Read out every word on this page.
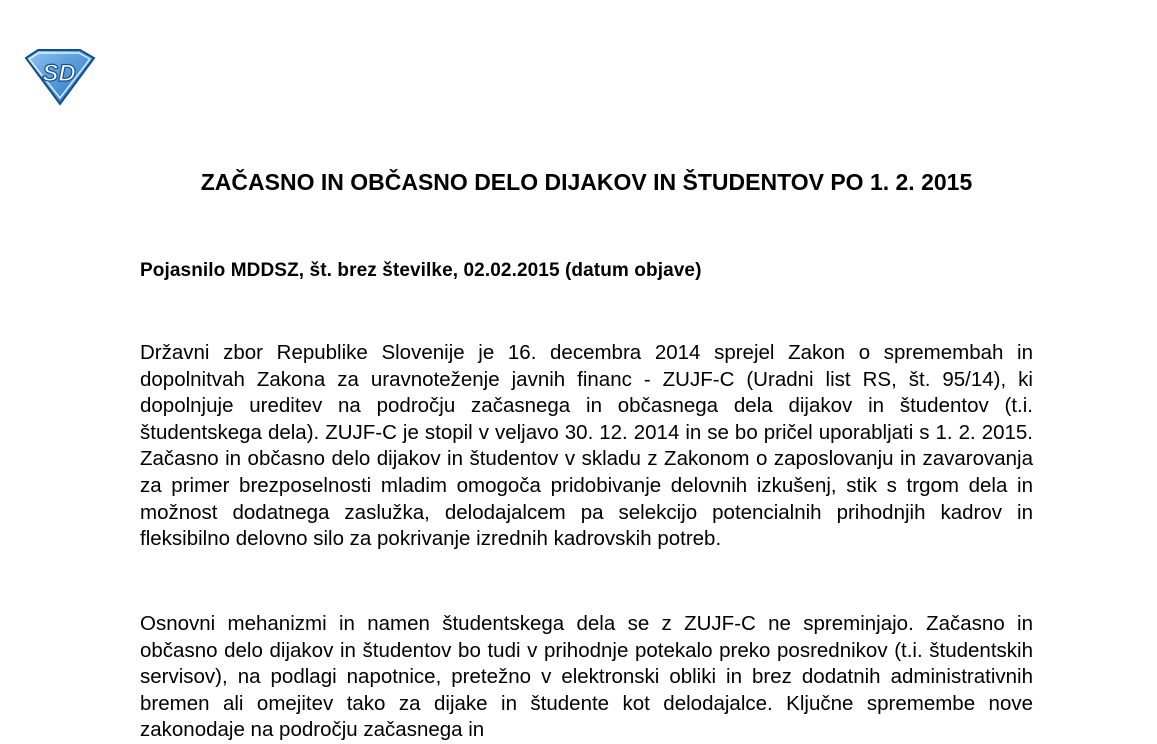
SD
ZAČASNO IN OBČASNO DELO DIJAKOV IN ŠTUDENTOV PO 1. 2. 2015

Pojasnilo MDDSZ, št. brez številke, 02.02.2015 (datum objave)

Državni zbor Republike Slovenije je 16. decembra 2014 sprejel Zakon o spremembah in dopolnitvah Zakona za uravnoteženje javnih financ - ZUJF-C (Uradni list RS, št. 95/14), ki dopolnjuje ureditev na področju začasnega in občasnega dela dijakov in študentov (t.i. študentskega dela). ZUJF-C je stopil v veljavo 30. 12. 2014 in se bo pričel uporabljati s 1. 2. 2015. Začasno in občasno delo dijakov in študentov v skladu z Zakonom o zaposlovanju in zavarovanja za primer brezposelnosti mladim omogoča pridobivanje delovnih izkušenj, stik s trgom dela in možnost dodatnega zaslužka, delodajalcem pa selekcijo potencialnih prihodnjih kadrov in fleksibilno delovno silo za pokrivanje izrednih kadrovskih potreb.

Osnovni mehanizmi in namen študentskega dela se z ZUJF-C ne spreminjajo. Začasno in občasno delo dijakov in študentov bo tudi v prihodnje potekalo preko posrednikov (t.i. študentskih servisov), na podlagi napotnice, pretežno v elektronski obliki in brez dodatnih administrativnih bremen ali omejitev tako za dijake in študente kot delodajalce. Ključne spremembe nove zakonodaje na področju začasnega in
